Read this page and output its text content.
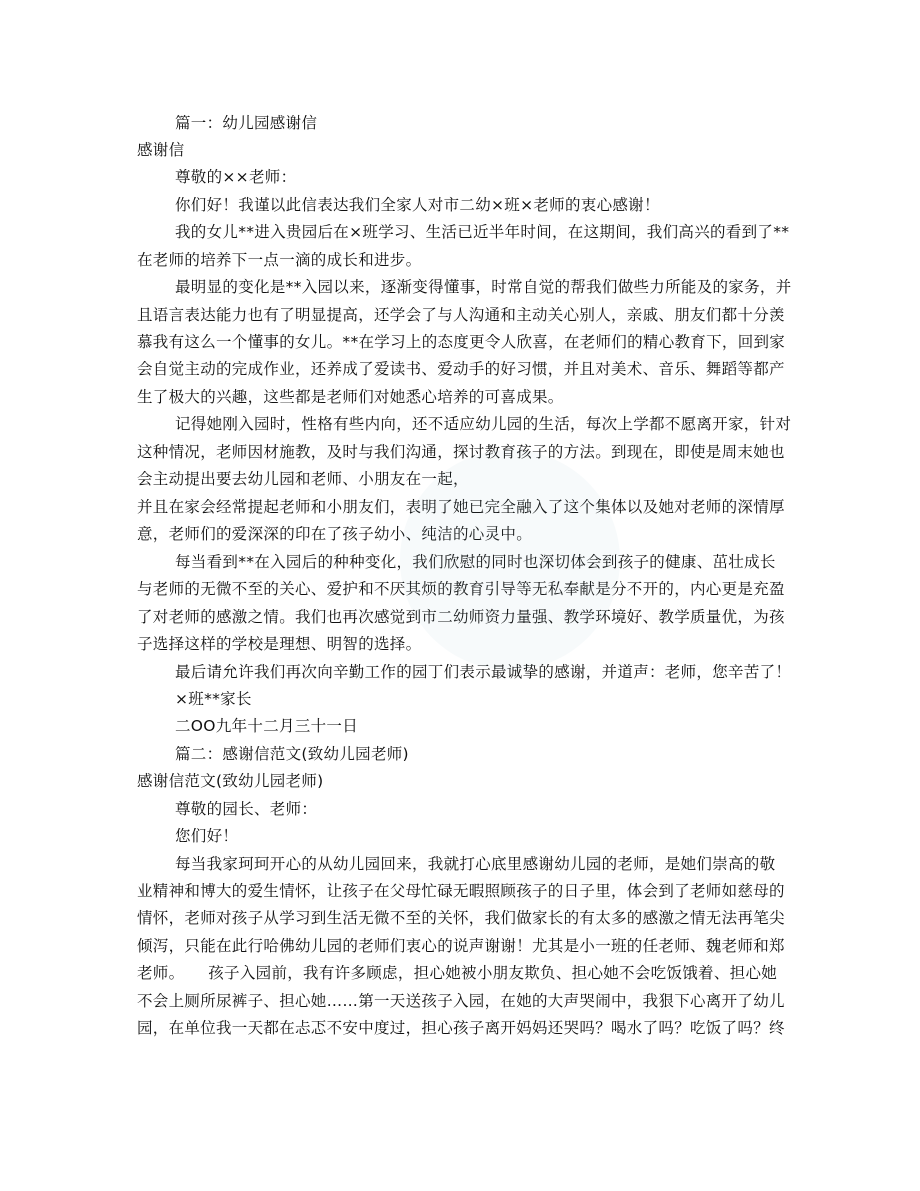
篇一：幼儿园感谢信
感谢信
尊敬的××老师：
你们好！我谨以此信表达我们全家人对市二幼×班×老师的衷心感谢！
我的女儿**进入贵园后在×班学习、生活已近半年时间，在这期间，我们高兴的看到了**
在老师的培养下一点一滴的成长和进步。
最明显的变化是**入园以来，逐渐变得懂事，时常自觉的帮我们做些力所能及的家务，并
且语言表达能力也有了明显提高，还学会了与人沟通和主动关心别人，亲戚、朋友们都十分羡
慕我有这么一个懂事的女儿。**在学习上的态度更令人欣喜，在老师们的精心教育下，回到家
会自觉主动的完成作业，还养成了爱读书、爱动手的好习惯，并且对美术、音乐、舞蹈等都产
生了极大的兴趣，这些都是老师们对她悉心培养的可喜成果。
记得她刚入园时，性格有些内向，还不适应幼儿园的生活，每次上学都不愿离开家，针对
这种情况，老师因材施教，及时与我们沟通，探讨教育孩子的方法。到现在，即使是周末她也
会主动提出要去幼儿园和老师、小朋友在一起，
并且在家会经常提起老师和小朋友们，表明了她已完全融入了这个集体以及她对老师的深情厚
意，老师们的爱深深的印在了孩子幼小、纯洁的心灵中。
每当看到**在入园后的种种变化，我们欣慰的同时也深切体会到孩子的健康、茁壮成长
与老师的无微不至的关心、爱护和不厌其烦的教育引导等无私奉献是分不开的，内心更是充盈
了对老师的感激之情。我们也再次感觉到市二幼师资力量强、教学环境好、教学质量优，为孩
子选择这样的学校是理想、明智的选择。
最后请允许我们再次向辛勤工作的园丁们表示最诚挚的感谢，并道声：老师，您辛苦了！
×班**家长
二OO九年十二月三十一日
篇二：感谢信范文(致幼儿园老师)
感谢信范文(致幼儿园老师)
尊敬的园长、老师：
您们好！
每当我家珂珂开心的从幼儿园回来，我就打心底里感谢幼儿园的老师，是她们崇高的敬
业精神和博大的爱生情怀，让孩子在父母忙碌无暇照顾孩子的日子里，体会到了老师如慈母的
情怀，老师对孩子从学习到生活无微不至的关怀，我们做家长的有太多的感激之情无法再笔尖
倾泻，只能在此行哈佛幼儿园的老师们衷心的说声谢谢！尤其是小一班的任老师、魏老师和郑
老师。　　孩子入园前，我有许多顾虑，担心她被小朋友欺负、担心她不会吃饭饿着、担心她
不会上厕所尿裤子、担心她……第一天送孩子入园，在她的大声哭闹中，我狠下心离开了幼儿
园，在单位我一天都在忐忑不安中度过，担心孩子离开妈妈还哭吗？喝水了吗？吃饭了吗？终
